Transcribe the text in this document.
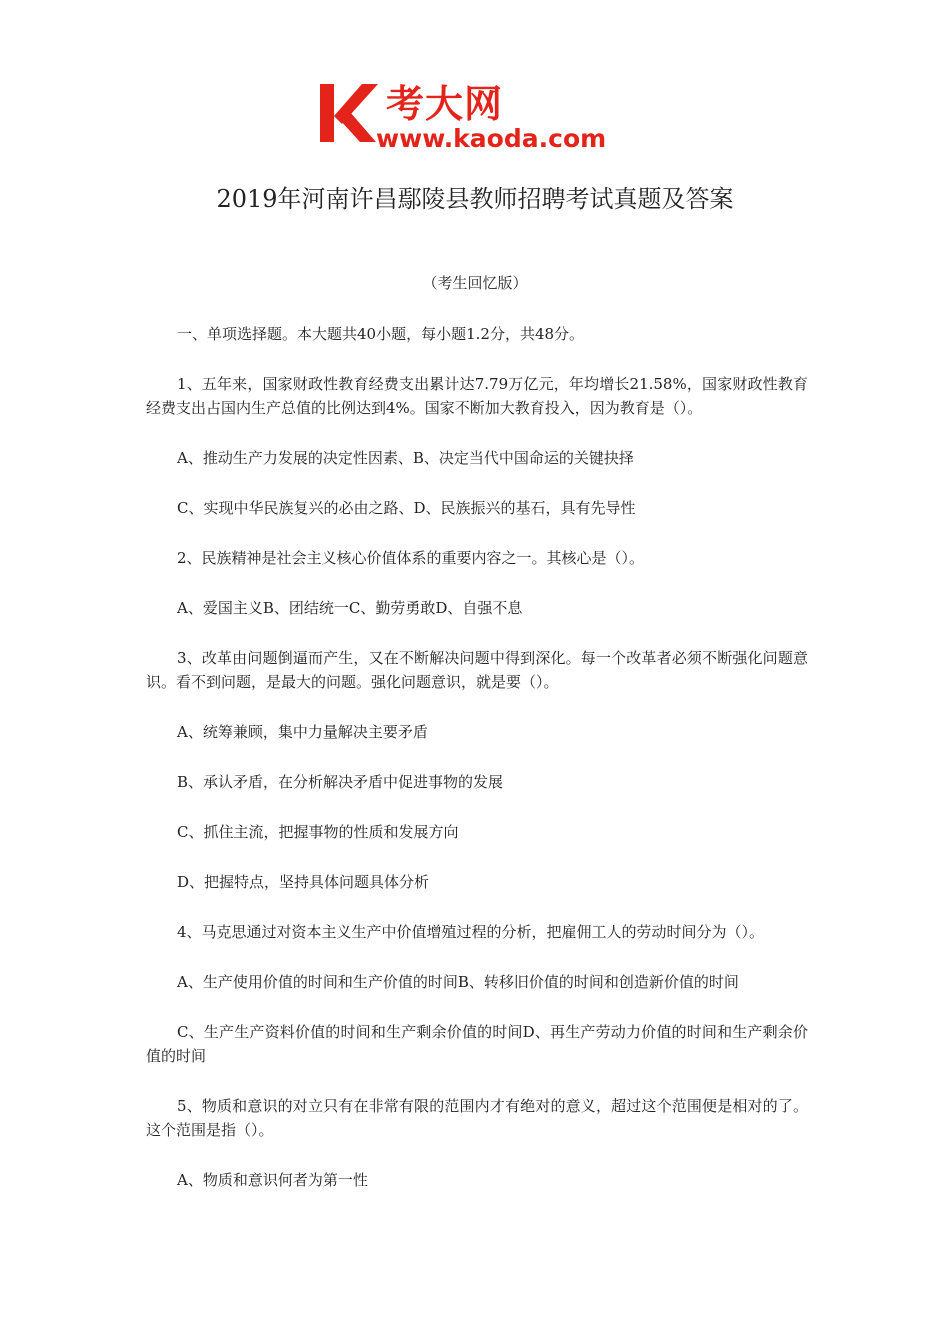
考大网
www.kaoda.com
2019年河南许昌鄢陵县教师招聘考试真题及答案
（考生回忆版）

一、单项选择题。本大题共40小题，每小题1.2分，共48分。

1、五年来，国家财政性教育经费支出累计达7.79万亿元，年均增长21.58%，国家财政性教育经费支出占国内生产总值的比例达到4%。国家不断加大教育投入，因为教育是（）。

A、推动生产力发展的决定性因素、B、决定当代中国命运的关键抉择

C、实现中华民族复兴的必由之路、D、民族振兴的基石，具有先导性

2、民族精神是社会主义核心价值体系的重要内容之一。其核心是（）。

A、爱国主义B、团结统一C、勤劳勇敢D、自强不息

3、改革由问题倒逼而产生，又在不断解决问题中得到深化。每一个改革者必须不断强化问题意识。看不到问题，是最大的问题。强化问题意识，就是要（）。

A、统筹兼顾，集中力量解决主要矛盾

B、承认矛盾，在分析解决矛盾中促进事物的发展

C、抓住主流，把握事物的性质和发展方向

D、把握特点，坚持具体问题具体分析

4、马克思通过对资本主义生产中价值增殖过程的分析，把雇佣工人的劳动时间分为（）。

A、生产使用价值的时间和生产价值的时间B、转移旧价值的时间和创造新价值的时间

C、生产生产资料价值的时间和生产剩余价值的时间D、再生产劳动力价值的时间和生产剩余价值的时间

5、物质和意识的对立只有在非常有限的范围内才有绝对的意义，超过这个范围便是相对的了。这个范围是指（）。

A、物质和意识何者为第一性
